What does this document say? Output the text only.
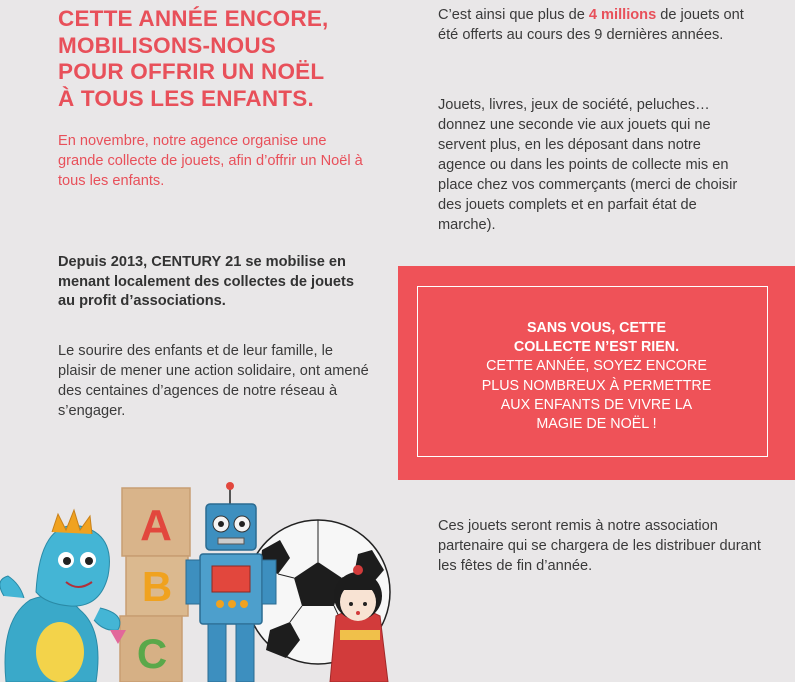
CETTE ANNÉE ENCORE,
MOBILISONS-NOUS
POUR OFFRIR UN NOËL
À TOUS LES ENFANTS.

En novembre, notre agence organise une grande collecte de jouets, afin d’offrir un Noël à tous les enfants.

Depuis 2013, CENTURY 21 se mobilise en menant localement des collectes de jouets au profit d’associations.

Le sourire des enfants et de leur famille, le plaisir de mener une action solidaire, ont amené des centaines d’agences de notre réseau à s’engager.

C’est ainsi que plus de 4 millions de jouets ont été offerts au cours des 9 dernières années.

Jouets, livres, jeux de société, peluches… donnez une seconde vie aux jouets qui ne servent plus, en les déposant dans notre agence ou dans les points de collecte mis en place chez vos commerçants (merci de choisir des jouets complets et en parfait état de marche).

SANS VOUS, CETTE
COLLECTE N’EST RIEN.
CETTE ANNÉE, SOYEZ ENCORE
PLUS NOMBREUX À PERMETTRE
AUX ENFANTS DE VIVRE LA
MAGIE DE NOËL !

Ces jouets seront remis à notre association partenaire qui se chargera de les distribuer durant les fêtes de fin d’année.

A
B
C
